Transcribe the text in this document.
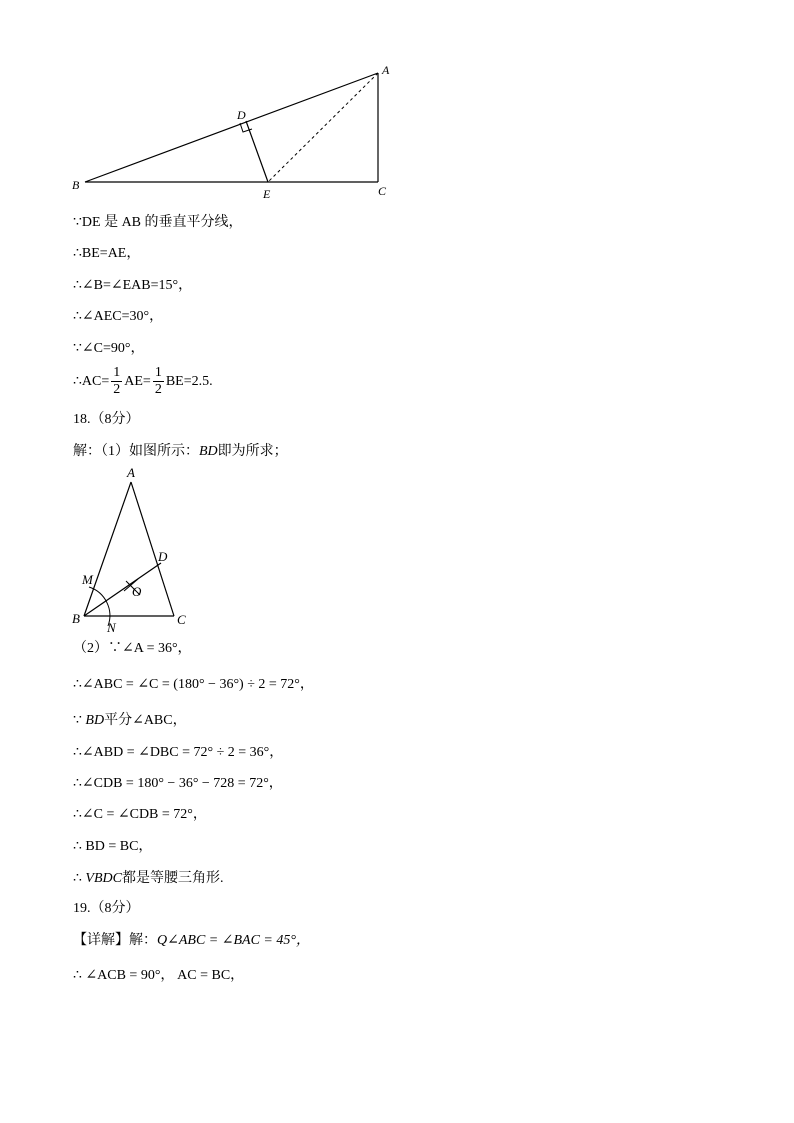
A
B	C
D
E
∵DE 是 AB 的垂直平分线，
∴BE=AE，
∴∠B=∠EAB=15°，
∴∠AEC=30°，
∵∠C=90°，
∴AC= $\frac{1}{2} AE= \frac{1}{2} BE=2.5$.
18.（8分）
解：（1）如图所示：BD即为所求；
A
B	C
D
M
N
O
（2）∵∠A = 36°，
∴∠ABC = ∠C = (180° − 36°) ÷ 2 = 72°，
∵ BD平分∠ABC，
∴∠ABD = ∠DBC = 72° ÷ 2 = 36°，
∴∠CDB = 180° − 36° − 728 = 72°，
∴∠C = ∠CDB = 72°，
∴ BD = BC，
∴ VBDC都是等腰三角形.
19.（8分）
【详解】解：Q∠ABC = ∠BAC = 45°，
∴ ∠ACB = 90°， AC = BC，
